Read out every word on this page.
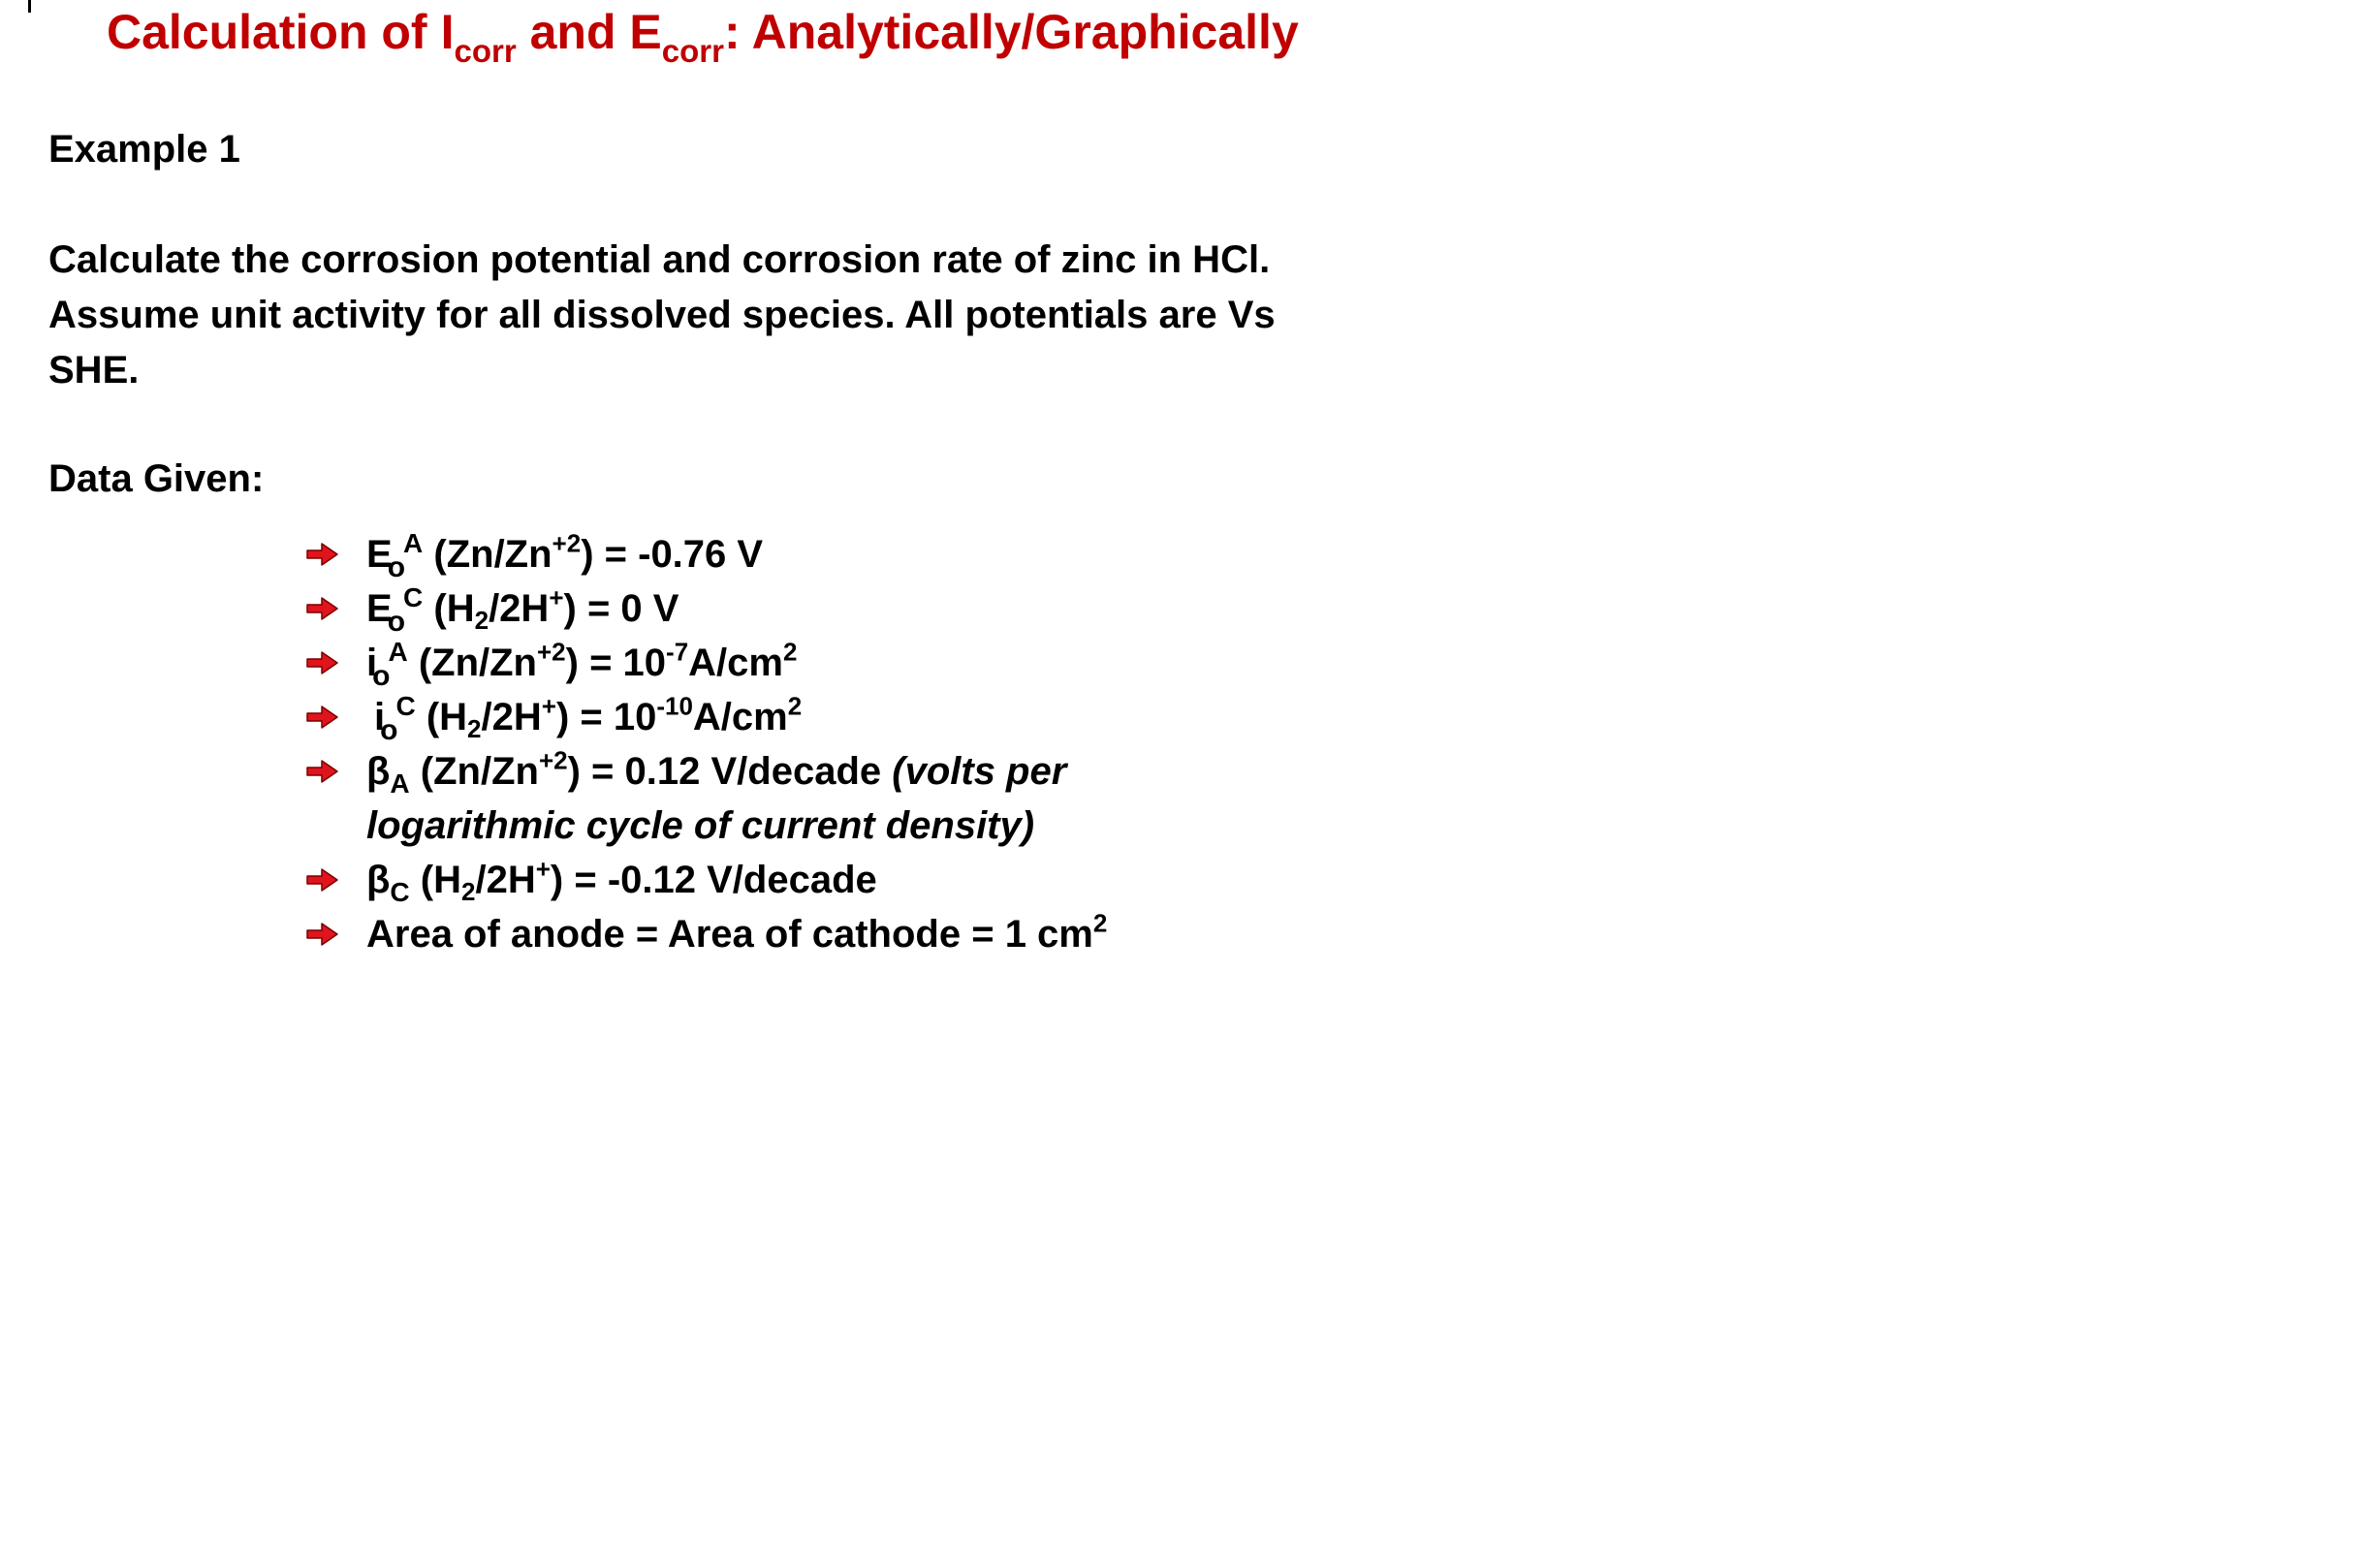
Calculation of $I_{corr}$ and $E_{corr}$: Analytically/Graphically
Example 1
Calculate the corrosion potential and corrosion rate of zinc in HCl.
Assume unit activity for all dissolved species. All potentials are Vs
SHE.
Data Given:
EoA $(Zn/Zn^{+2}) = -0.76$ V
EoC $(H_2/2H^+) = 0$ V
ioA $(Zn/Zn^{+2}) = 10^{-7}A/cm^2$
ioC $(H_2/2H^+) = 10^{-10}A/cm^2$
$\beta_A$ $(Zn/Zn^{+2}) = 0.12$ V/decade (volts per
logarithmic cycle of current density)
$\beta_C$ $(H_2/2H^+) = -0.12$ V/decade
Area of anode = Area of cathode = 1 $cm^2$
